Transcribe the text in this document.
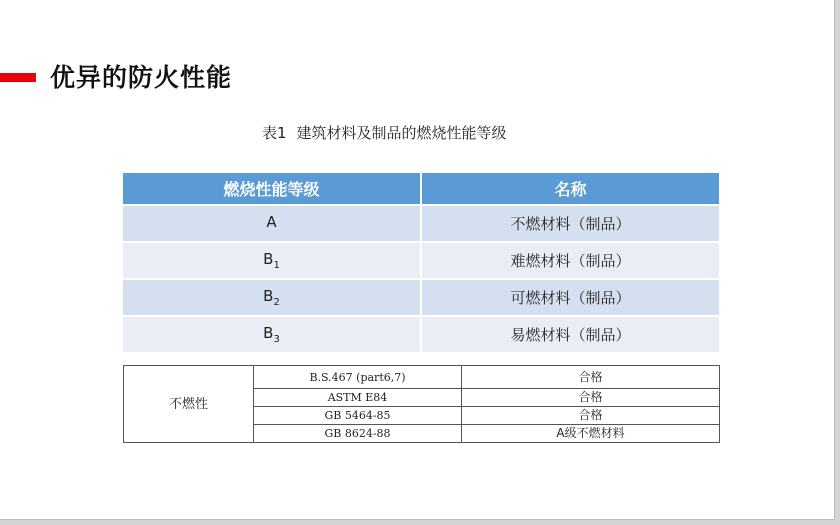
优异的防火性能
表1 建筑材料及制品的燃烧性能等级
燃烧性能等级	名称
A	不燃材料（制品）
$B_1$	难燃材料（制品）
$B_2$	可燃材料（制品）
$B_3$	易燃材料（制品）
不燃性	B.S.467 (part6,7)	合格
	ASTM E84	合格
	GB 5464-85	合格
	GB 8624-88	A级不燃材料
